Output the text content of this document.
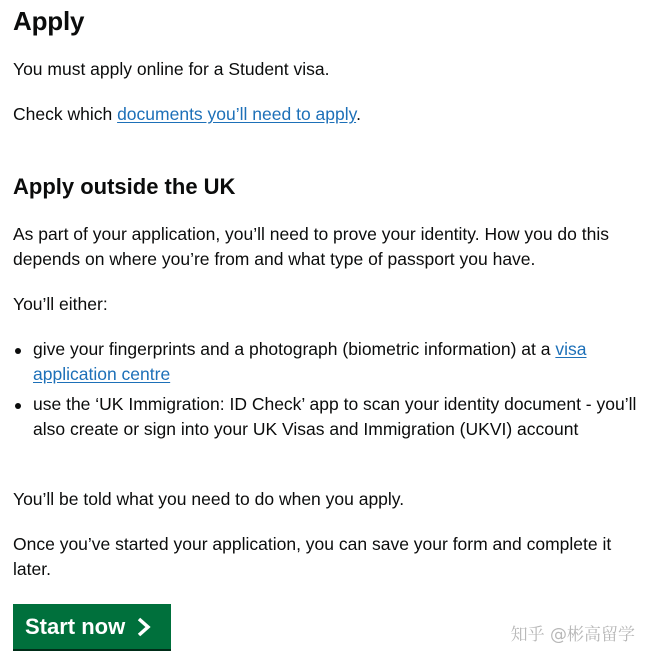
Apply

You must apply online for a Student visa.

Check which documents you’ll need to apply.

Apply outside the UK

As part of your application, you’ll need to prove your identity. How you do this depends on where you’re from and what type of passport you have.

You’ll either:

give your fingerprints and a photograph (biometric information) at a visa application centre
use the ‘UK Immigration: ID Check’ app to scan your identity document - you’ll also create or sign into your UK Visas and Immigration (UKVI) account

You’ll be told what you need to do when you apply.

Once you’ve started your application, you can save your form and complete it later.

Start now	知乎 @彬高留学
